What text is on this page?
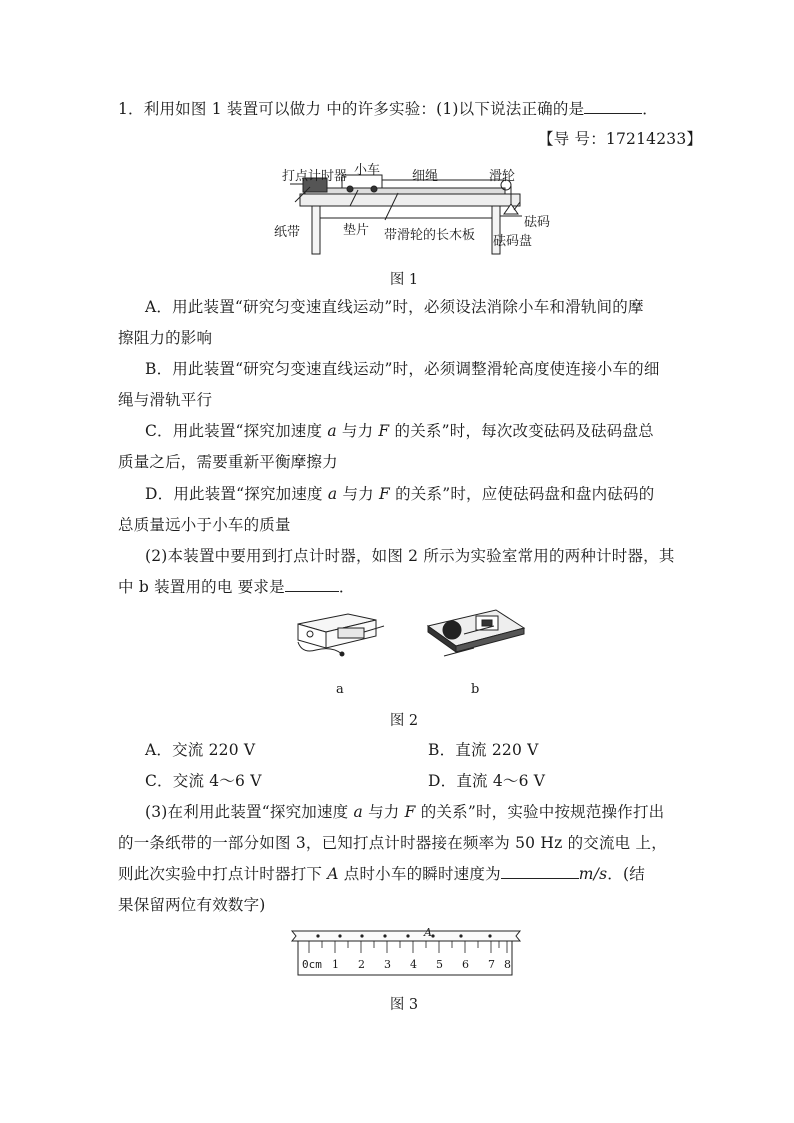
1．利用如图 1 装置可以做力 中的许多实验：(1)以下说法正确的是	．
【导 号：17214233】
打点计时器 小车 细绳	滑轮
纸带	垫片 带滑轮的长木板
砝码
砝码盘
图 1
A．用此装置“研究匀变速直线运动”时，必须设法消除小车和滑轨间的摩
擦阻力的影响
B．用此装置“研究匀变速直线运动”时，必须调整滑轮高度使连接小车的细
绳与滑轨平行
C．用此装置“探究加速度 a 与力 F 的关系”时，每次改变砝码及砝码盘总
质量之后，需要重新平衡摩擦力
D．用此装置“探究加速度 a 与力 F 的关系”时，应使砝码盘和盘内砝码的
总质量远小于小车的质量
(2)本装置中要用到打点计时器，如图 2 所示为实验室常用的两种计时器，其
中 b 装置用的电 要求是	．
a	b
图 2
A．交流 220 V	B．直流 220 V
C．交流 4～6 V	D．直流 4～6 V
(3)在利用此装置“探究加速度 a 与力 F 的关系”时，实验中按规范操作打出
的一条纸带的一部分如图 3，已知打点计时器接在频率为 50 Hz 的交流电 上，
则此次实验中打点计时器打下 A 点时小车的瞬时速度为	m/s．(结
果保留两位有效数字)
A
0cm 1 2 3 4 5 6 7 8
图 3
